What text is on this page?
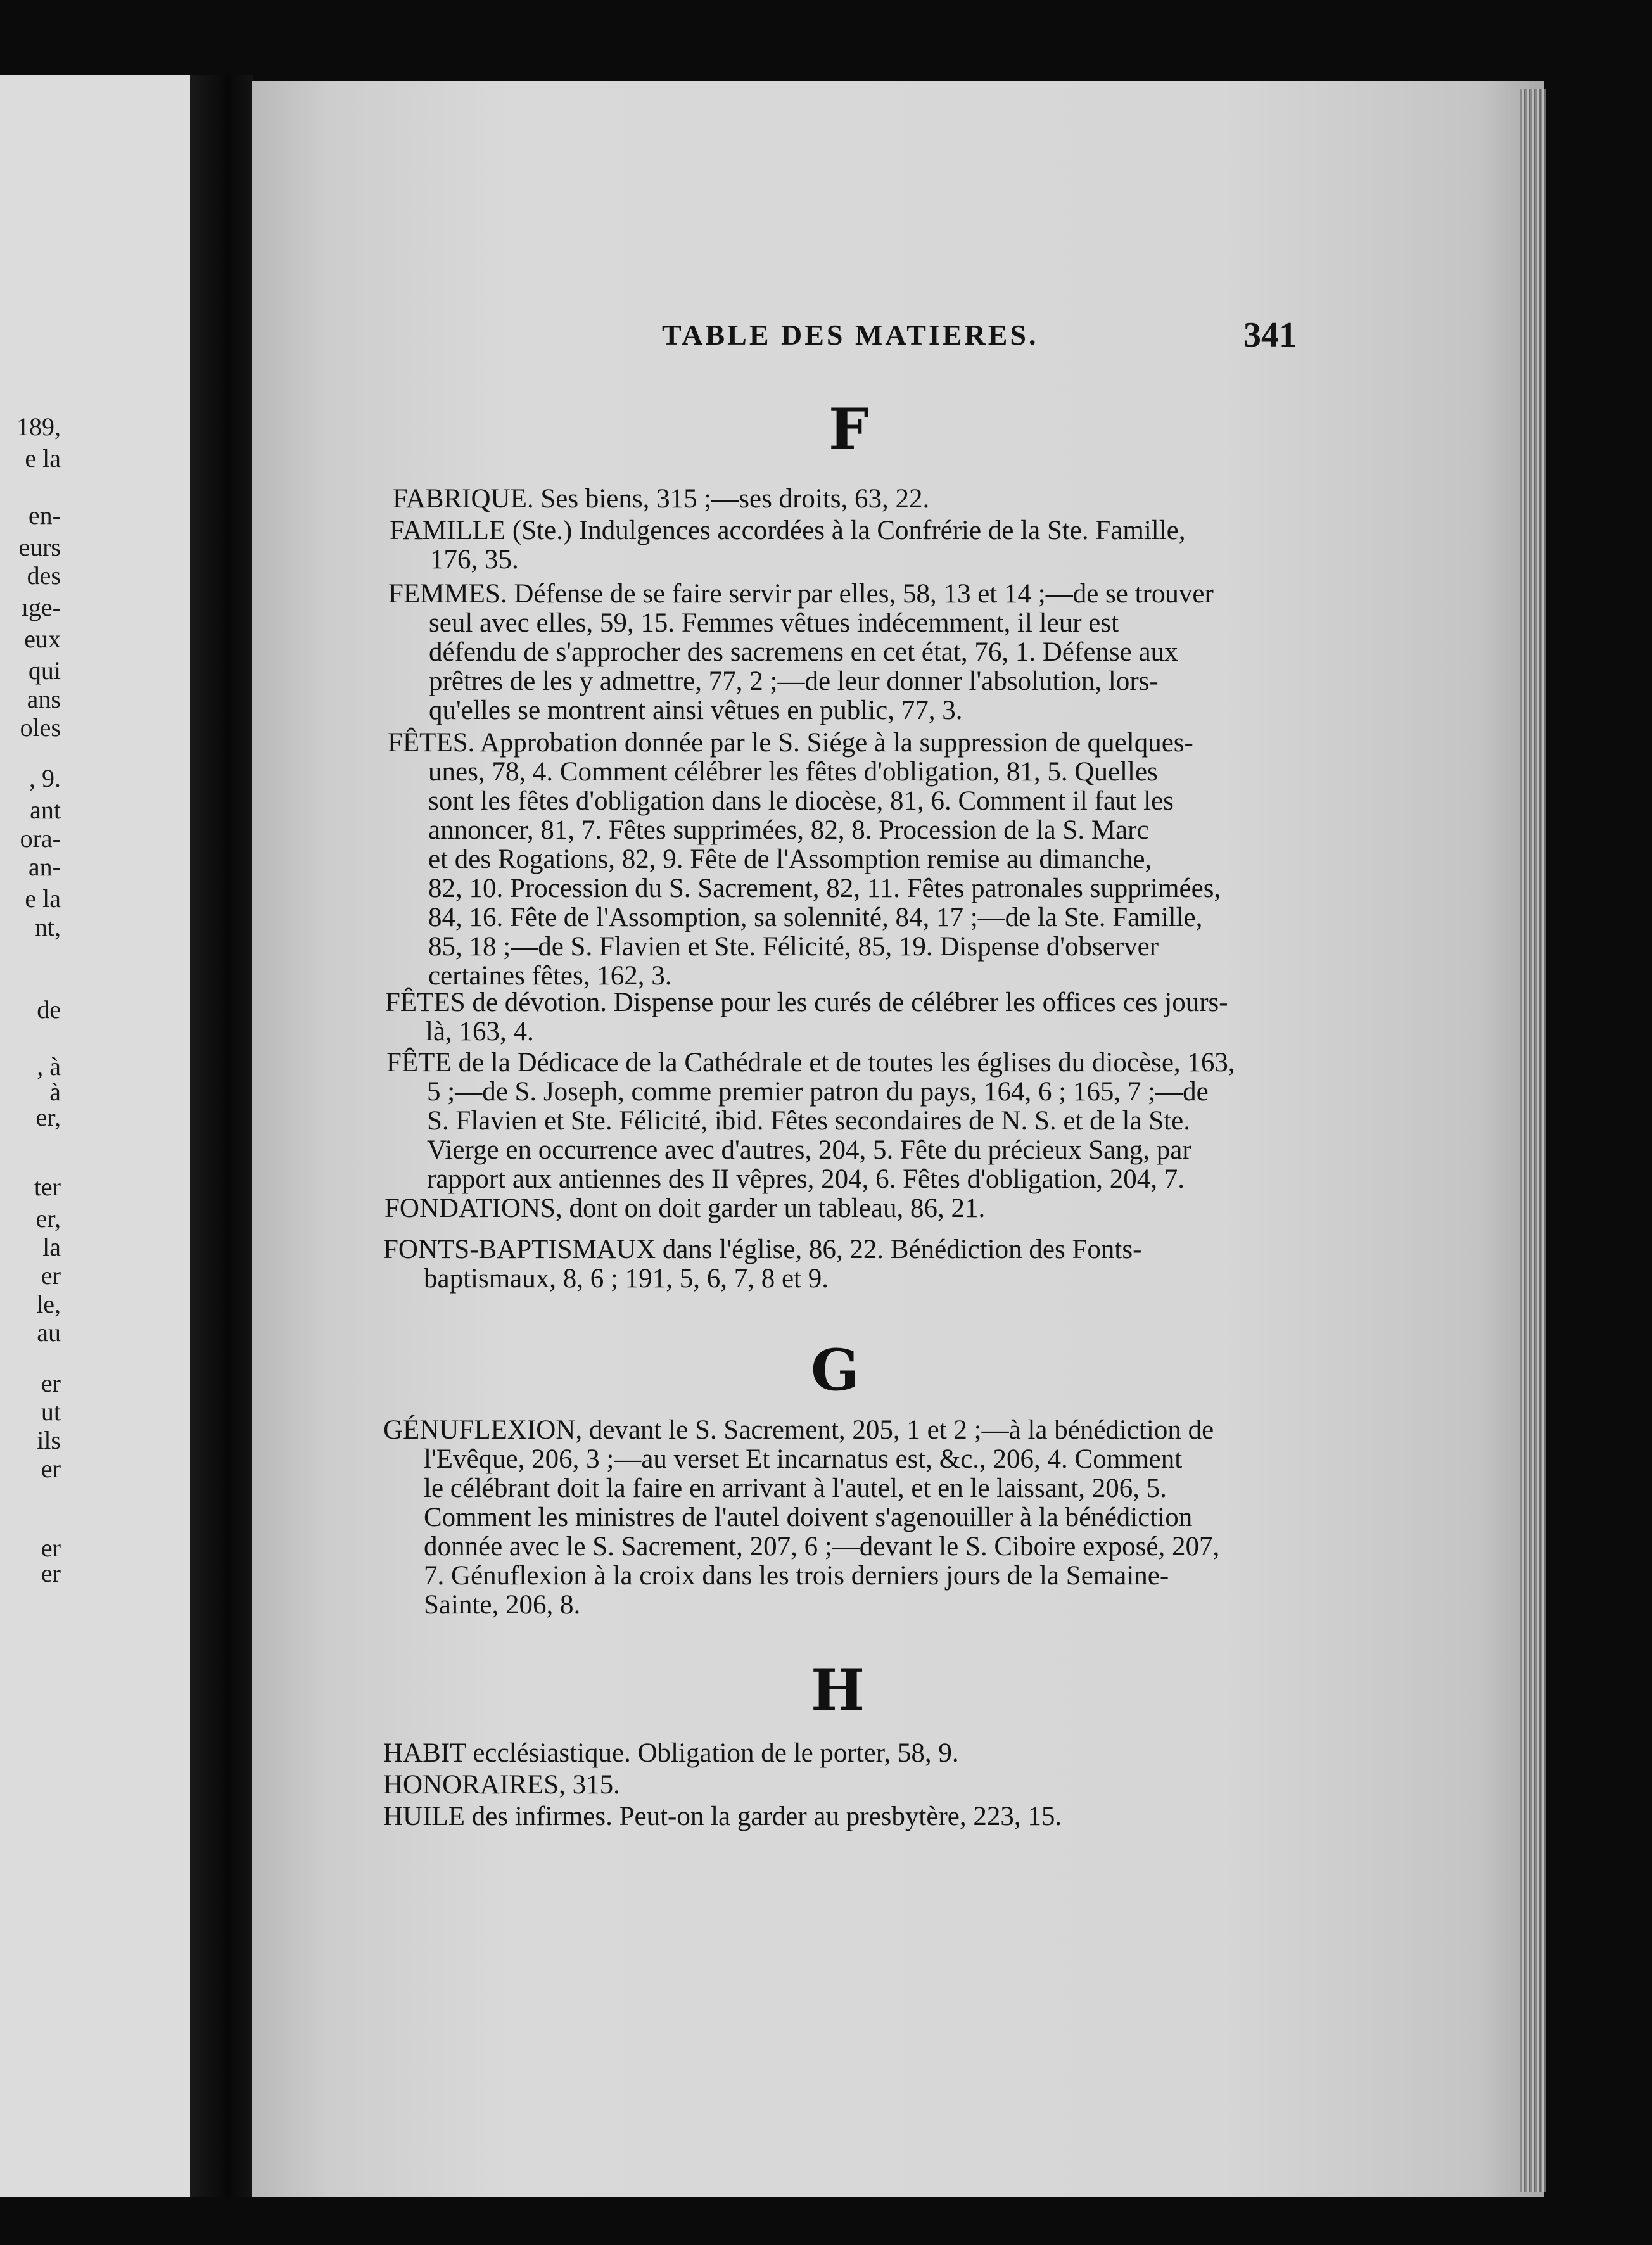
189,
e la
en-
eurs
des
ıge-
eux
qui
ans
oles
, 9.
ant
ora-
an-
e la
nt,
de
, à
à
er,
ter
er,
la
er
le,
au
er
ut
ils
er
er
er
TABLE DES MATIERES.	341
F
FABRIQUE. Ses biens, 315 ;—ses droits, 63, 22.
FAMILLE (Ste.) Indulgences accordées à la Confrérie de la Ste. Famille,
176, 35.
FEMMES. Défense de se faire servir par elles, 58, 13 et 14 ;—de se trouver
seul avec elles, 59, 15. Femmes vêtues indécemment, il leur est
défendu de s'approcher des sacremens en cet état, 76, 1. Défense aux
prêtres de les y admettre, 77, 2 ;—de leur donner l'absolution, lors-
qu'elles se montrent ainsi vêtues en public, 77, 3.
FÊTES. Approbation donnée par le S. Siége à la suppression de quelques-
unes, 78, 4. Comment célébrer les fêtes d'obligation, 81, 5. Quelles
sont les fêtes d'obligation dans le diocèse, 81, 6. Comment il faut les
annoncer, 81, 7. Fêtes supprimées, 82, 8. Procession de la S. Marc
et des Rogations, 82, 9. Fête de l'Assomption remise au dimanche,
82, 10. Procession du S. Sacrement, 82, 11. Fêtes patronales supprimées,
84, 16. Fête de l'Assomption, sa solennité, 84, 17 ;—de la Ste. Famille,
85, 18 ;—de S. Flavien et Ste. Félicité, 85, 19. Dispense d'observer
certaines fêtes, 162, 3.
FÊTES de dévotion. Dispense pour les curés de célébrer les offices ces jours-
là, 163, 4.
FÊTE de la Dédicace de la Cathédrale et de toutes les églises du diocèse, 163,
5 ;—de S. Joseph, comme premier patron du pays, 164, 6 ; 165, 7 ;—de
S. Flavien et Ste. Félicité, ibid. Fêtes secondaires de N. S. et de la Ste.
Vierge en occurrence avec d'autres, 204, 5. Fête du précieux Sang, par
rapport aux antiennes des II vêpres, 204, 6. Fêtes d'obligation, 204, 7.
FONDATIONS, dont on doit garder un tableau, 86, 21.
FONTS-BAPTISMAUX dans l'église, 86, 22. Bénédiction des Fonts-
baptismaux, 8, 6 ; 191, 5, 6, 7, 8 et 9.
G
GÉNUFLEXION, devant le S. Sacrement, 205, 1 et 2 ;—à la bénédiction de
l'Evêque, 206, 3 ;—au verset Et incarnatus est, &c., 206, 4. Comment
le célébrant doit la faire en arrivant à l'autel, et en le laissant, 206, 5.
Comment les ministres de l'autel doivent s'agenouiller à la bénédiction
donnée avec le S. Sacrement, 207, 6 ;—devant le S. Ciboire exposé, 207,
7. Génuflexion à la croix dans les trois derniers jours de la Semaine-
Sainte, 206, 8.
H
HABIT ecclésiastique. Obligation de le porter, 58, 9.
HONORAIRES, 315.
HUILE des infirmes. Peut-on la garder au presbytère, 223, 15.
